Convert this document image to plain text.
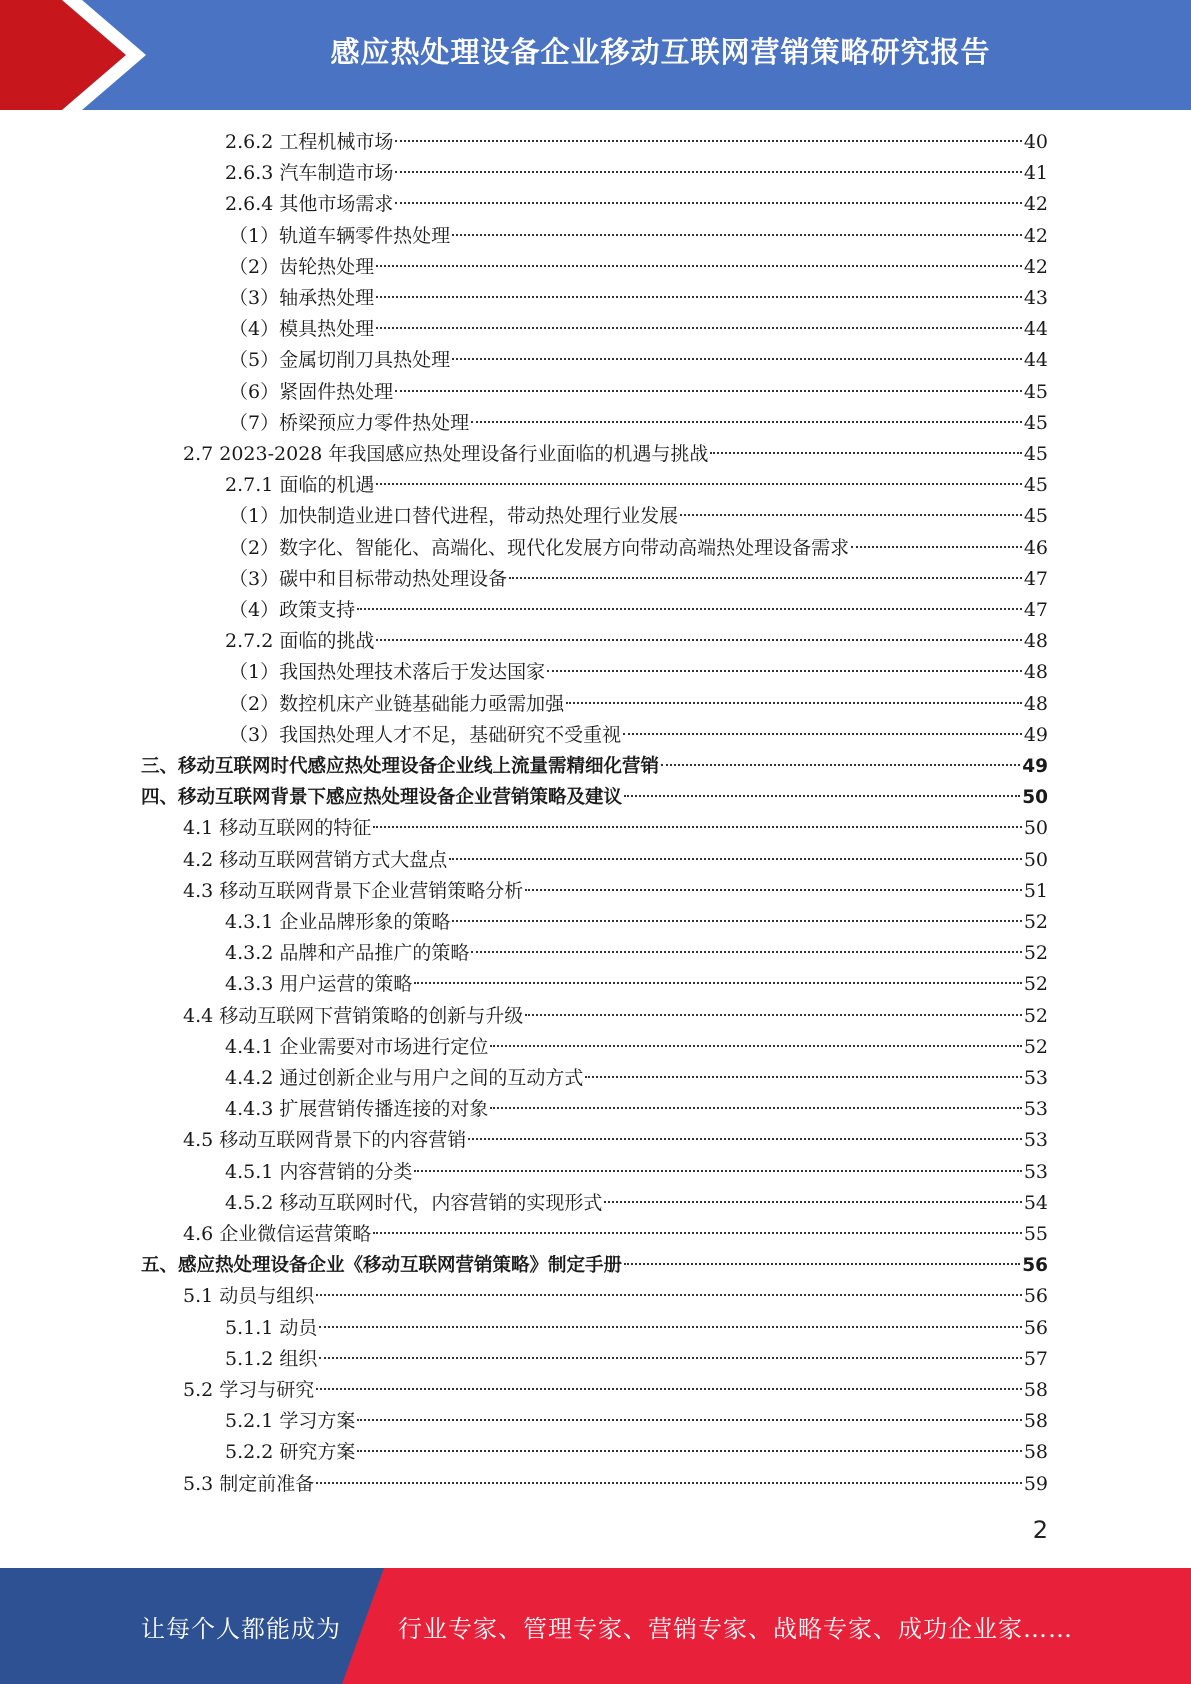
感应热处理设备企业移动互联网营销策略研究报告
2.6.2 工程机械市场	40
2.6.3 汽车制造市场	41
2.6.4 其他市场需求	42
（1）轨道车辆零件热处理	42
（2）齿轮热处理	42
（3）轴承热处理	43
（4）模具热处理	44
（5）金属切削刀具热处理	44
（6）紧固件热处理	45
（7）桥梁预应力零件热处理	45
2.7 2023-2028 年我国感应热处理设备行业面临的机遇与挑战	45
2.7.1 面临的机遇	45
（1）加快制造业进口替代进程，带动热处理行业发展	45
（2）数字化、智能化、高端化、现代化发展方向带动高端热处理设备需求	46
（3）碳中和目标带动热处理设备	47
（4）政策支持	47
2.7.2 面临的挑战	48
（1）我国热处理技术落后于发达国家	48
（2）数控机床产业链基础能力亟需加强	48
（3）我国热处理人才不足，基础研究不受重视	49
三、移动互联网时代感应热处理设备企业线上流量需精细化营销	49
四、移动互联网背景下感应热处理设备企业营销策略及建议	50
4.1 移动互联网的特征	50
4.2 移动互联网营销方式大盘点	50
4.3 移动互联网背景下企业营销策略分析	51
4.3.1 企业品牌形象的策略	52
4.3.2 品牌和产品推广的策略	52
4.3.3 用户运营的策略	52
4.4 移动互联网下营销策略的创新与升级	52
4.4.1 企业需要对市场进行定位	52
4.4.2 通过创新企业与用户之间的互动方式	53
4.4.3 扩展营销传播连接的对象	53
4.5 移动互联网背景下的内容营销	53
4.5.1 内容营销的分类	53
4.5.2 移动互联网时代，内容营销的实现形式	54
4.6 企业微信运营策略	55
五、感应热处理设备企业《移动互联网营销策略》制定手册	56
5.1 动员与组织	56
5.1.1 动员	56
5.1.2 组织	57
5.2 学习与研究	58
5.2.1 学习方案	58
5.2.2 研究方案	58
5.3 制定前准备	59
2
让每个人都能成为 行业专家、管理专家、营销专家、战略专家、成功企业家……
